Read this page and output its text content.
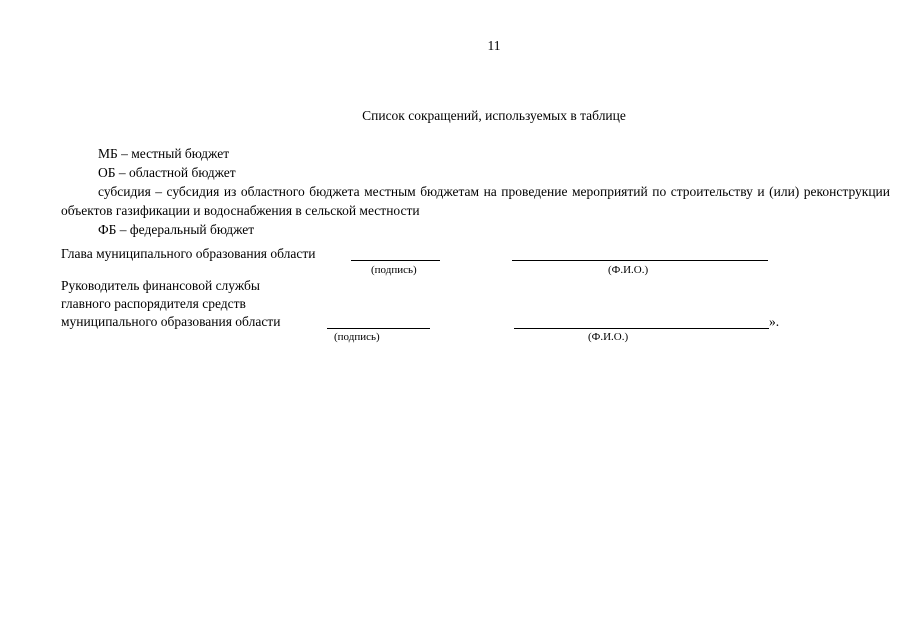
11
Список сокращений, используемых в таблице

МБ – местный бюджет

ОБ – областной бюджет

субсидия – субсидия из областного бюджета местным бюджетам на проведение мероприятий по строительству и (или) реконструкции объектов газификации и водоснабжения в сельской местности

ФБ – федеральный бюджет

Глава муниципального образования области
(подпись)	(Ф.И.О.)
Руководитель финансовой службы
главного распорядителя средств
муниципального образования области	».
(подпись)	(Ф.И.О.)
